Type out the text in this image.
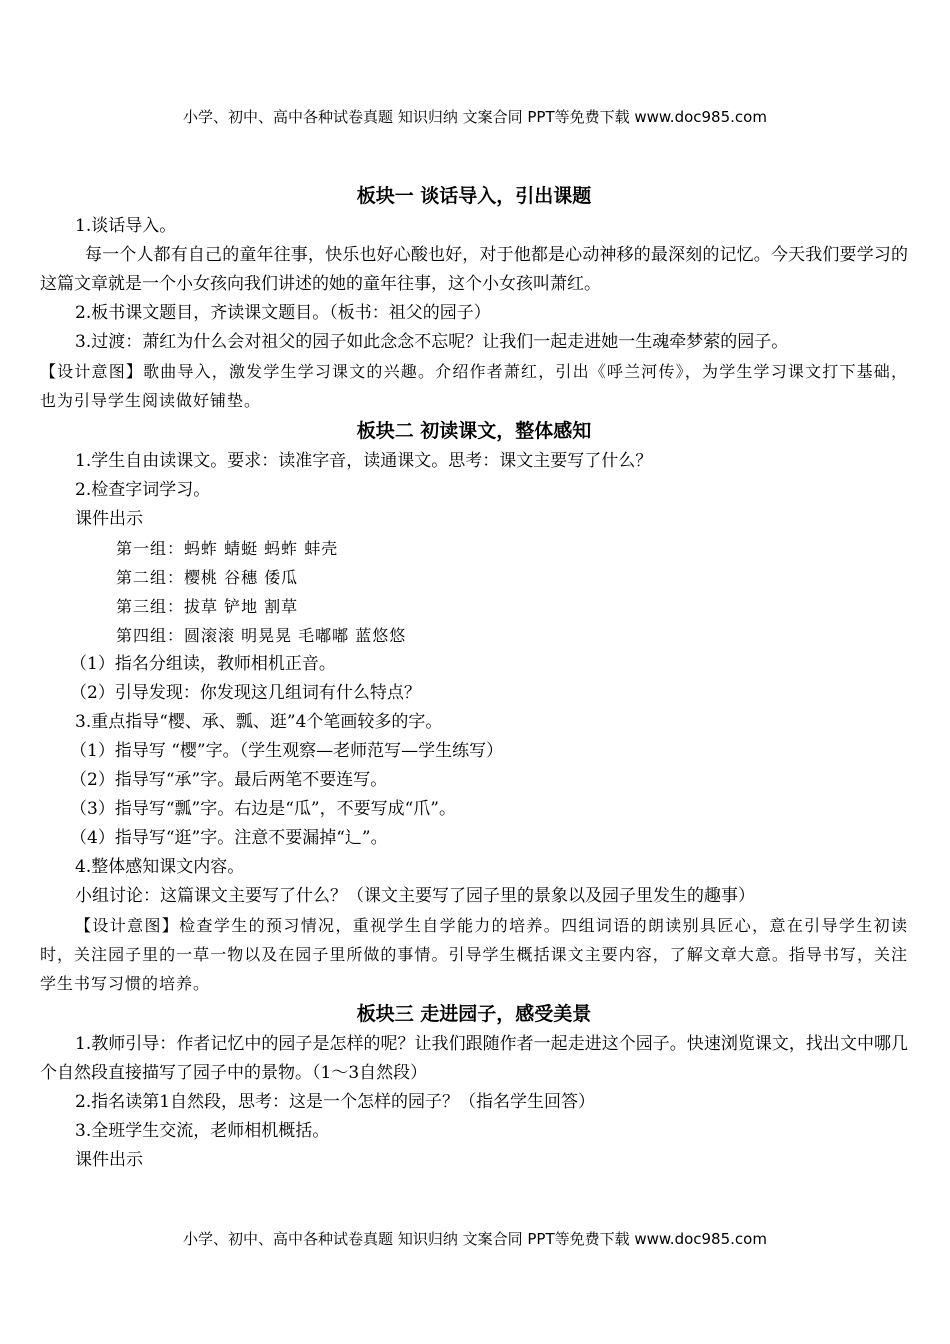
小学、初中、高中各种试卷真题 知识归纳 文案合同 PPT等免费下载 www.doc985.com

板块一 谈话导入，引出课题

1.谈话导入。

每一个人都有自己的童年往事，快乐也好心酸也好，对于他都是心动神移的最深刻的记忆。今天我们要学习的这篇文章就是一个小女孩向我们讲述的她的童年往事，这个小女孩叫萧红。

2.板书课文题目，齐读课文题目。（板书：祖父的园子）

3.过渡：萧红为什么会对祖父的园子如此念念不忘呢？让我们一起走进她一生魂牵梦萦的园子。

【设计意图】歌曲导入，激发学生学习课文的兴趣。介绍作者萧红，引出《呼兰河传》，为学生学习课文打下基础，也为引导学生阅读做好铺垫。

板块二 初读课文，整体感知

1.学生自由读课文。要求：读准字音，读通课文。思考：课文主要写了什么？

2.检查字词学习。

课件出示

第一组：蚂蚱 蜻蜓 蚂蚱 蚌壳

第二组：樱桃 谷穗 倭瓜

第三组：拔草 铲地 割草

第四组：圆滚滚 明晃晃 毛嘟嘟 蓝悠悠

（1）指名分组读，教师相机正音。

（2）引导发现：你发现这几组词有什么特点？

3.重点指导“樱、承、瓢、逛”4个笔画较多的字。

（1）指导写 “樱”字。（学生观察—老师范写—学生练写）

（2）指导写“承”字。最后两笔不要连写。

（3）指导写“瓢”字。右边是“瓜”，不要写成“爪”。

（4）指导写“逛”字。注意不要漏掉“辶”。

4.整体感知课文内容。

小组讨论：这篇课文主要写了什么？（课文主要写了园子里的景象以及园子里发生的趣事）

【设计意图】检查学生的预习情况，重视学生自学能力的培养。四组词语的朗读别具匠心，意在引导学生初读时，关注园子里的一草一物以及在园子里所做的事情。引导学生概括课文主要内容，了解文章大意。指导书写，关注学生书写习惯的培养。

板块三 走进园子，感受美景

1.教师引导：作者记忆中的园子是怎样的呢？让我们跟随作者一起走进这个园子。快速浏览课文，找出文中哪几个自然段直接描写了园子中的景物。（1～3自然段）

2.指名读第1自然段，思考：这是一个怎样的园子？（指名学生回答）

3.全班学生交流，老师相机概括。

课件出示

小学、初中、高中各种试卷真题 知识归纳 文案合同 PPT等免费下载 www.doc985.com
